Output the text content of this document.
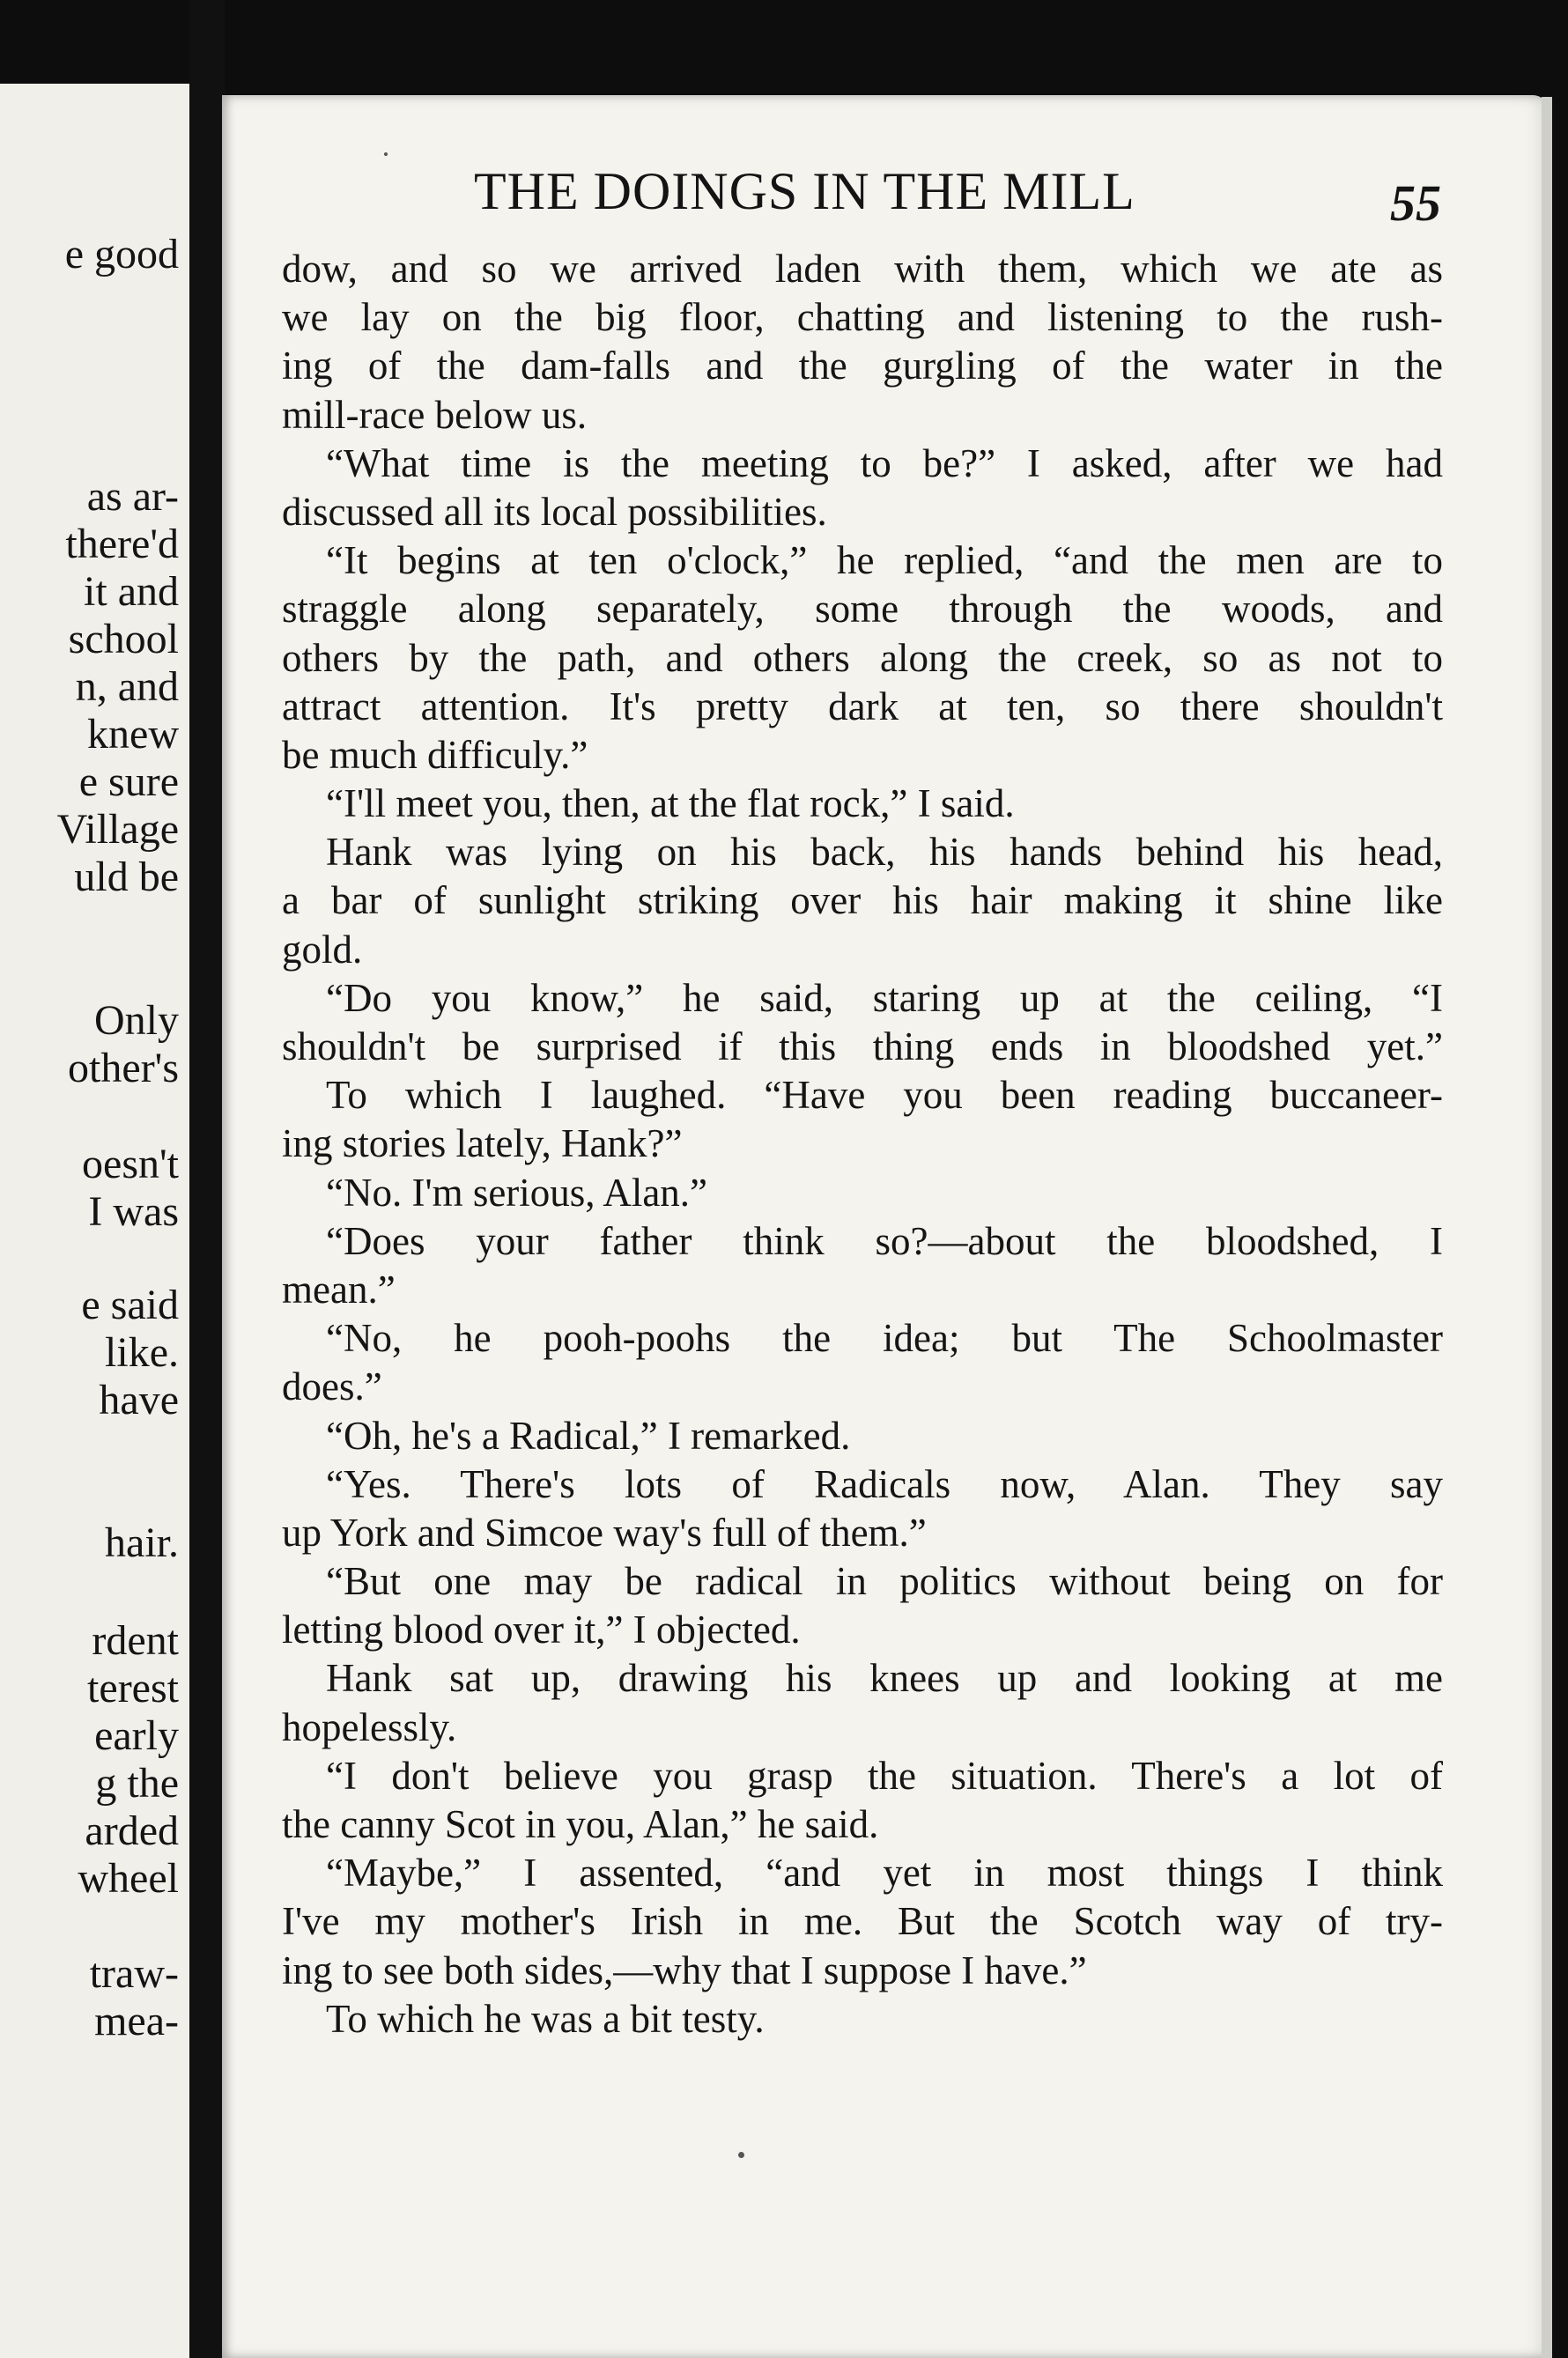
e good
as ar-
there'd
it and
school
n, and
knew
e sure
Village
uld be
Only
other's
oesn't
I was
e said
like.
have
hair.
rdent
terest
early
g the
arded
wheel
traw-
mea-
THE DOINGS IN THE MILL	55
dow, and so we arrived laden with them, which we ate as
we lay on the big floor, chatting and listening to the rush-
ing of the dam-falls and the gurgling of the water in the
mill-race below us.
“What time is the meeting to be?” I asked, after we had
discussed all its local possibilities.
“It begins at ten o'clock,” he replied, “and the men are to
straggle along separately, some through the woods, and
others by the path, and others along the creek, so as not to
attract attention. It's pretty dark at ten, so there shouldn't
be much difficuly.”
“I'll meet you, then, at the flat rock,” I said.
Hank was lying on his back, his hands behind his head,
a bar of sunlight striking over his hair making it shine like
gold.
“Do you know,” he said, staring up at the ceiling, “I
shouldn't be surprised if this thing ends in bloodshed yet.”
To which I laughed. “Have you been reading buccaneer-
ing stories lately, Hank?”
“No. I'm serious, Alan.”
“Does your father think so?—about the bloodshed, I
mean.”
“No, he pooh-poohs the idea; but The Schoolmaster
does.”
“Oh, he's a Radical,” I remarked.
“Yes. There's lots of Radicals now, Alan. They say
up York and Simcoe way's full of them.”
“But one may be radical in politics without being on for
letting blood over it,” I objected.
Hank sat up, drawing his knees up and looking at me
hopelessly.
“I don't believe you grasp the situation. There's a lot of
the canny Scot in you, Alan,” he said.
“Maybe,” I assented, “and yet in most things I think
I've my mother's Irish in me. But the Scotch way of try-
ing to see both sides,—why that I suppose I have.”
To which he was a bit testy.
